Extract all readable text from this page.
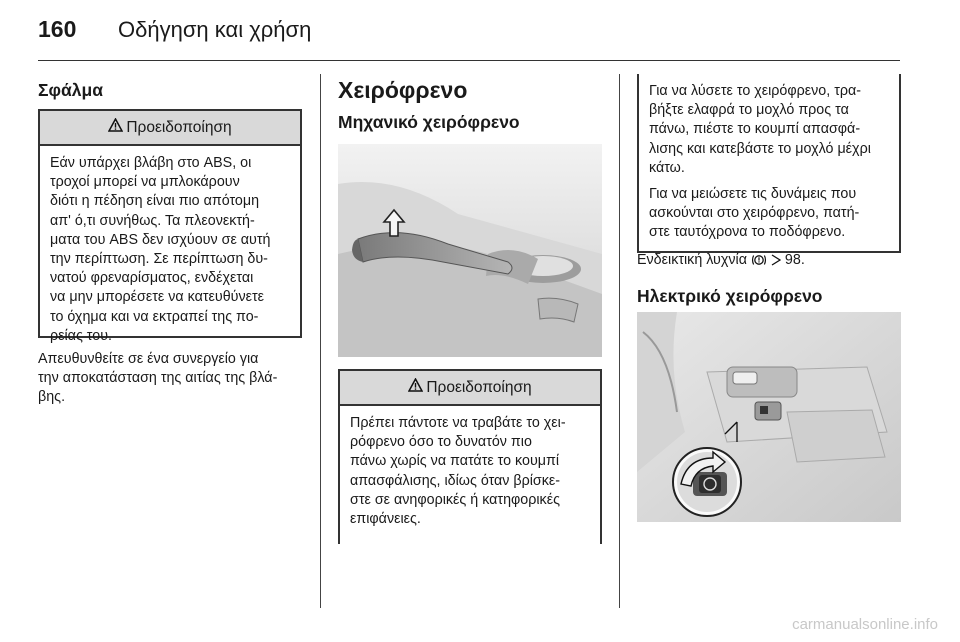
160 Οδήγηση και χρήση
Σφάλμα
Προειδοποίηση

Εάν υπάρχει βλάβη στο ABS, οι

τροχοί μπορεί να μπλοκάρουν

διότι η πέδηση είναι πιο απότομη

απ' ό,τι συνήθως. Τα πλεονεκτή-

ματα του ABS δεν ισχύουν σε αυτή

την περίπτωση. Σε περίπτωση δυ-

νατού φρεναρίσματος, ενδέχεται

να μην μπορέσετε να κατευθύνετε

το όχημα και να εκτραπεί της πο-

ρείας του.

Απευθυνθείτε σε ένα συνεργείο για

την αποκατάσταση της αιτίας της βλά-

βης.

Χειρόφρενο
Μηχανικό χειρόφρενο
Προειδοποίηση

Πρέπει πάντοτε να τραβάτε το χει-

ρόφρενο όσο το δυνατόν πιο

πάνω χωρίς να πατάτε το κουμπί

απασφάλισης, ιδίως όταν βρίσκε-

στε σε ανηφορικές ή κατηφορικές

επιφάνειες.

Για να λύσετε το χειρόφρενο, τρα-
βήξτε ελαφρά το μοχλό προς τα
πάνω, πιέστε το κουμπί απασφά-
λισης και κατεβάστε το μοχλό μέχρι
κάτω.

Για να μειώσετε τις δυνάμεις που
ασκούνται στο χειρόφρενο, πατή-
στε ταυτόχρονα το ποδόφρενο.

Ενδεικτική λυχνία	98.
Ηλεκτρικό χειρόφρενο
carmanualsonline.info
